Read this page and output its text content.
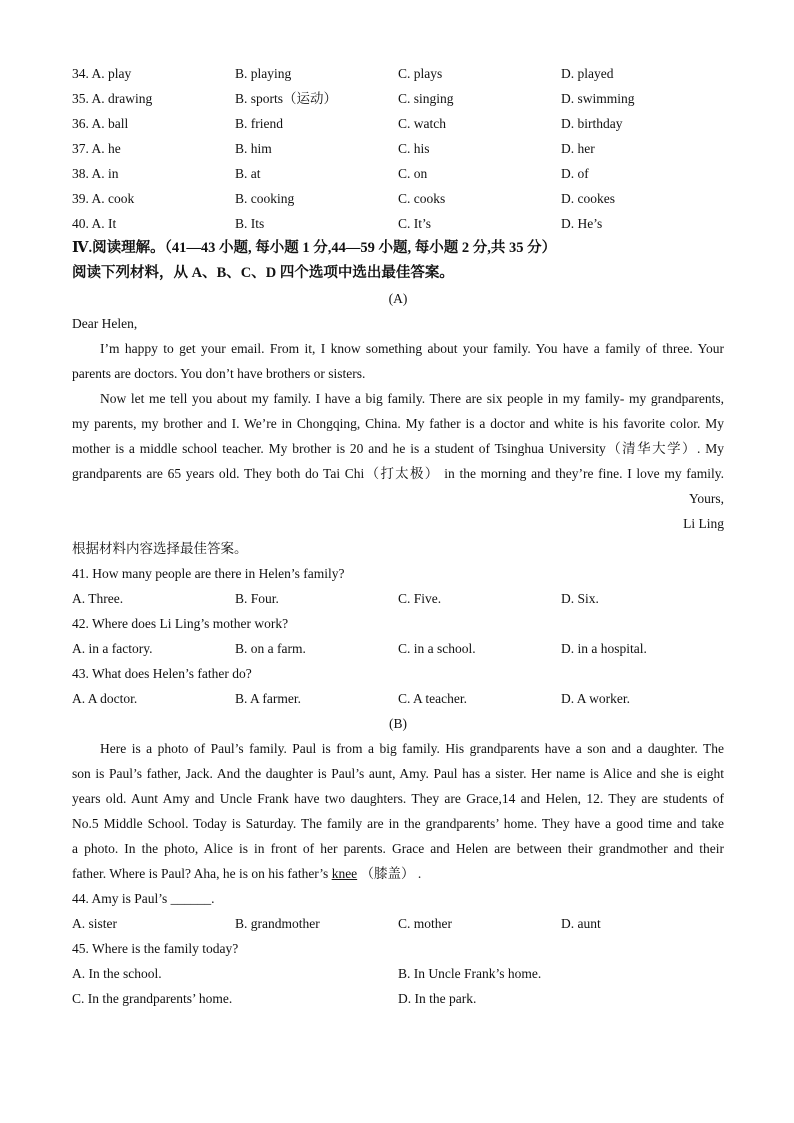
34. A. play	B. playing	C. plays	D. played
35. A. drawing	B. sports（运动）	C. singing	D. swimming
36. A. ball	B. friend	C. watch	D. birthday
37. A. he	B. him	C. his	D. her
38. A. in	B. at	C. on	D. of
39. A. cook	B. cooking	C. cooks	D. cookes
40. A. It	B. Its	C. It’s	D. He’s
Ⅳ.阅读理解。（41—43 小题, 每小题 1 分,44—59 小题, 每小题 2 分,共 35 分）
阅读下列材料，从 A、B、C、D 四个选项中选出最佳答案。
(A)
Dear Helen,
I’m happy to get your email. From it, I know something about your family. You have a family of three. Your
parents are doctors. You don’t have brothers or sisters.
Now let me tell you about my family. I have a big family. There are six people in my family- my grandparents,
my parents, my brother and I. We’re in Chongqing, China. My father is a doctor and white is his favorite color. My
mother is a middle school teacher. My brother is 20 and he is a student of Tsinghua University（清华大学）. My
grandparents are 65 years old. They both do Tai Chi（打太极） in the morning and they’re fine. I love my family.
Yours,
Li Ling
根据材料内容选择最佳答案。
41. How many people are there in Helen’s family?
A. Three.	B. Four.	C. Five.	D. Six.
42. Where does Li Ling’s mother work?
A. in a factory.	B. on a farm.	C. in a school.	D. in a hospital.
43. What does Helen’s father do?
A. A doctor.	B. A farmer.	C. A teacher.	D. A worker.
(B)
Here is a photo of Paul’s family. Paul is from a big family. His grandparents have a son and a daughter. The
son is Paul’s father, Jack. And the daughter is Paul’s aunt, Amy. Paul has a sister. Her name is Alice and she is eight
years old. Aunt Amy and Uncle Frank have two daughters. They are Grace,14 and Helen, 12. They are students of
No.5 Middle School. Today is Saturday. The family are in the grandparents’ home. They have a good time and take
a photo. In the photo, Alice is in front of her parents. Grace and Helen are between their grandmother and their
father. Where is Paul? Aha, he is on his father’s knee （膝盖） .
44. Amy is Paul’s ______.
A. sister	B. grandmother	C. mother	D. aunt
45. Where is the family today?
A. In the school.	B. In Uncle Frank’s home.
C. In the grandparents’ home.	D. In the park.
